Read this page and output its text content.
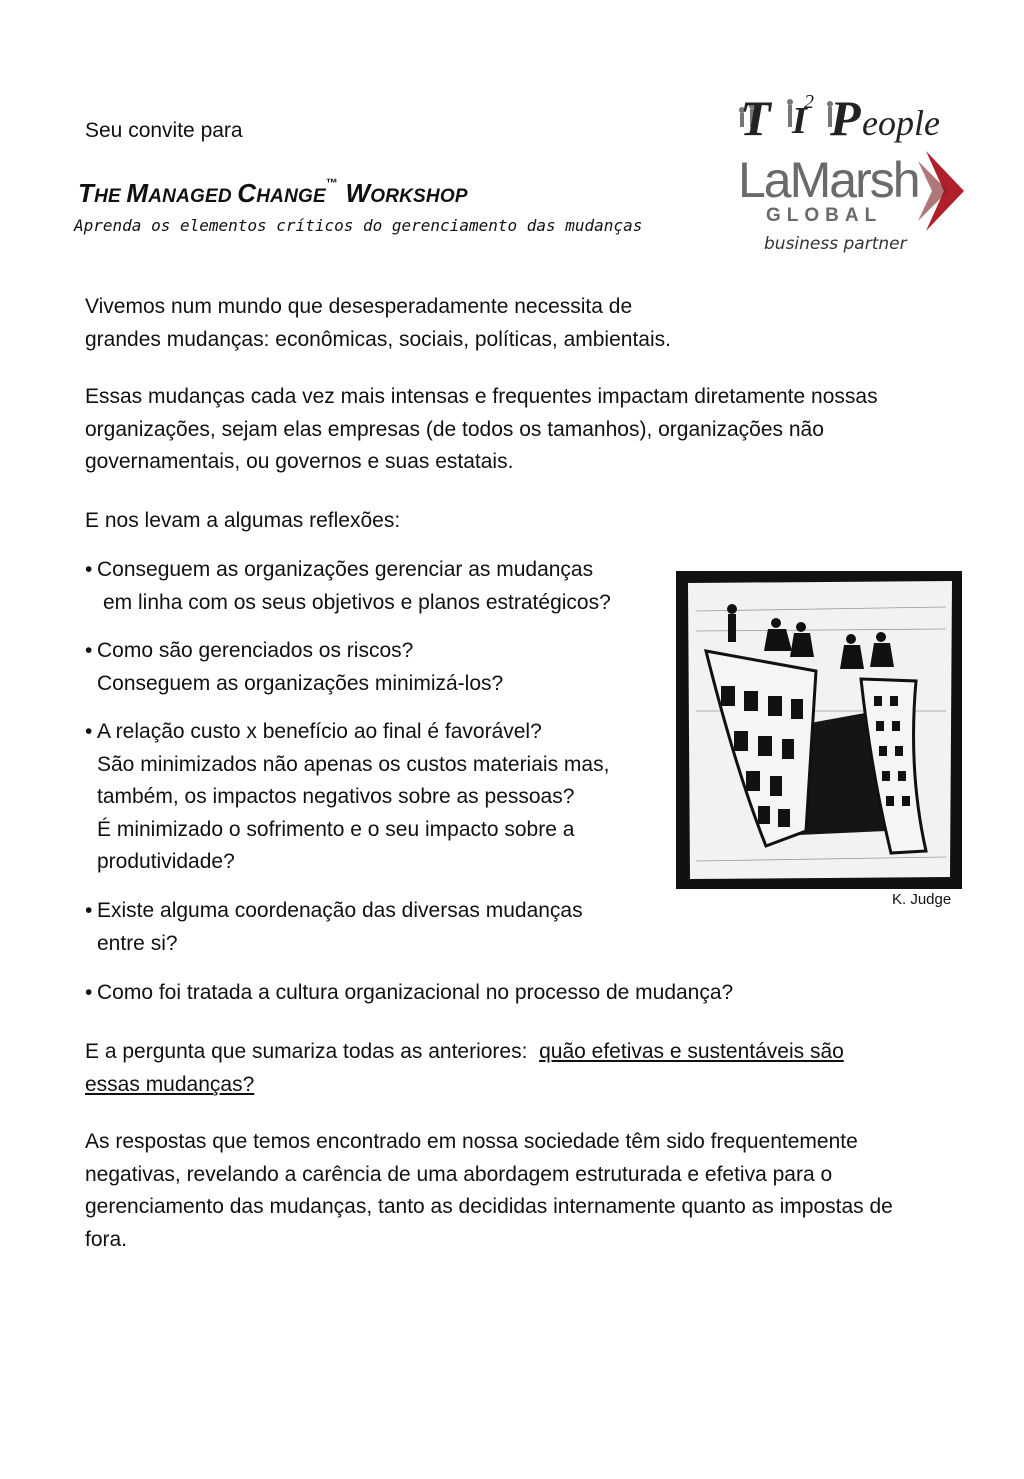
Seu convite para
THE MANAGED CHANGE™ WORKSHOP
Aprenda os elementos críticos do gerenciamento das mudanças
T I
2 P eople
T²People
LaMarsh
GLOBAL
business partner
Vivemos num mundo que desesperadamente necessita de
grandes mudanças: econômicas, sociais, políticas, ambientais.
Essas mudanças cada vez mais intensas e frequentes impactam diretamente nossas
organizações, sejam elas empresas (de todos os tamanhos), organizações não
governamentais, ou governos e suas estatais.
E nos levam a algumas reflexões:
• Conseguem as organizações gerenciar as mudanças
em linha com os seus objetivos e planos estratégicos?
• Como são gerenciados os riscos?
Conseguem as organizações minimizá-los?
• A relação custo x benefício ao final é favorável?
São minimizados não apenas os custos materiais mas,
também, os impactos negativos sobre as pessoas?
É minimizado o sofrimento e o seu impacto sobre a
produtividade?
• Existe alguma coordenação das diversas mudanças
entre si?
• Como foi tratada a cultura organizacional no processo de mudança?
E a pergunta que sumariza todas as anteriores:  quão efetivas e sustentáveis são
essas mudanças?
As respostas que temos encontrado em nossa sociedade têm sido frequentemente
negativas, revelando a carência de uma abordagem estruturada e efetiva para o
gerenciamento das mudanças, tanto as decididas internamente quanto as impostas de
fora.
K. Judge
